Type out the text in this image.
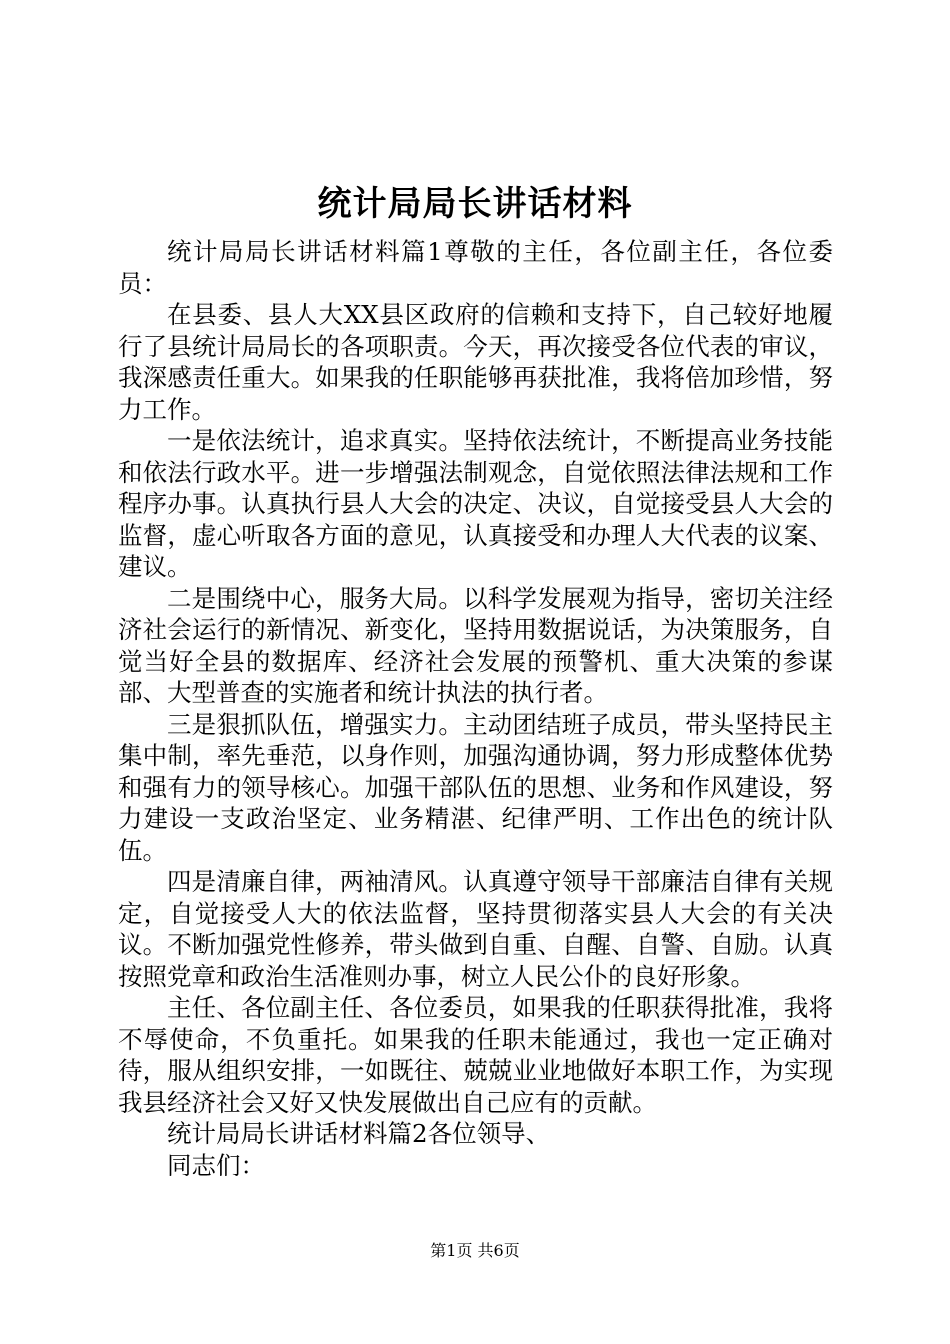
统计局局长讲话材料

统计局局长讲话材料篇1尊敬的主任，各位副主任，各位委员：

在县委、县人大XX县区政府的信赖和支持下，自己较好地履行了县统计局局长的各项职责。今天，再次接受各位代表的审议，我深感责任重大。如果我的任职能够再获批准，我将倍加珍惜，努力工作。

一是依法统计，追求真实。坚持依法统计，不断提高业务技能和依法行政水平。进一步增强法制观念，自觉依照法律法规和工作程序办事。认真执行县人大会的决定、决议，自觉接受县人大会的监督，虚心听取各方面的意见，认真接受和办理人大代表的议案、建议。

二是围绕中心，服务大局。以科学发展观为指导，密切关注经济社会运行的新情况、新变化，坚持用数据说话，为决策服务，自觉当好全县的数据库、经济社会发展的预警机、重大决策的参谋部、大型普查的实施者和统计执法的执行者。

三是狠抓队伍，增强实力。主动团结班子成员，带头坚持民主集中制，率先垂范，以身作则，加强沟通协调，努力形成整体优势和强有力的领导核心。加强干部队伍的思想、业务和作风建设，努力建设一支政治坚定、业务精湛、纪律严明、工作出色的统计队伍。

四是清廉自律，两袖清风。认真遵守领导干部廉洁自律有关规定，自觉接受人大的依法监督，坚持贯彻落实县人大会的有关决议。不断加强党性修养，带头做到自重、自醒、自警、自励。认真按照党章和政治生活准则办事，树立人民公仆的良好形象。

主任、各位副主任、各位委员，如果我的任职获得批准，我将不辱使命，不负重托。如果我的任职未能通过，我也一定正确对待，服从组织安排，一如既往、兢兢业业地做好本职工作，为实现我县经济社会又好又快发展做出自己应有的贡献。

统计局局长讲话材料篇2各位领导、

同志们：

第1页 共6页
